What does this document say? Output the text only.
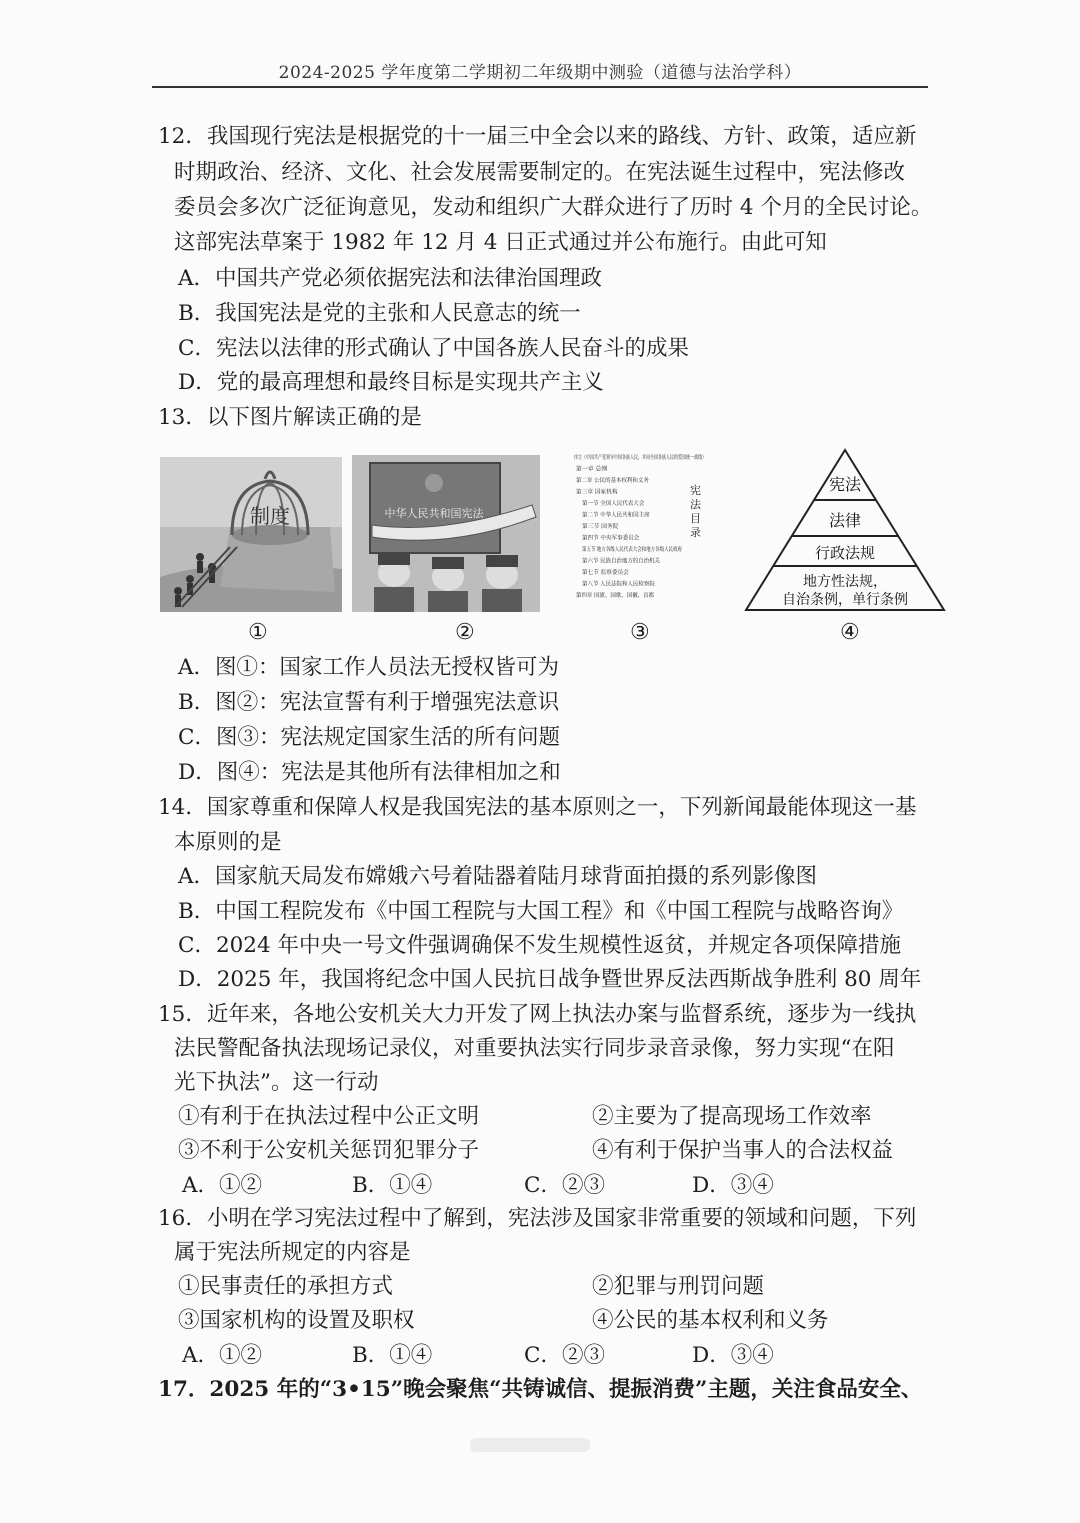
2024-2025 学年度第二学期初二年级期中测验（道德与法治学科）
12．我国现行宪法是根据党的十一届三中全会以来的路线、方针、政策，适应新
时期政治、经济、文化、社会发展需要制定的。在宪法诞生过程中，宪法修改
委员会多次广泛征询意见，发动和组织广大群众进行了历时 4 个月的全民讨论。
这部宪法草案于 1982 年 12 月 4 日正式通过并公布施行。由此可知
A．中国共产党必须依据宪法和法律治国理政
B．我国宪法是党的主张和人民意志的统一
C．宪法以法律的形式确认了中国各族人民奋斗的成果
D．党的最高理想和最终目标是实现共产主义
13．以下图片解读正确的是
制度	中华人民共和国宪法
序言（中国共产党领导中国各族人民，并同全国各族人民的爱国统一战线）
第一章 总纲
第二章 公民的基本权利和义务
第三章 国家机构
第一节 全国人民代表大会
第二节 中华人民共和国主席
第三节 国务院
第四节 中央军事委员会
第五节 地方各级人民代表大会和地方各级人民政府
第六节 民族自治地方的自治机关
第七节 监察委员会
第八节 人民法院和人民检察院
第四章 国旗、国歌、国徽、首都
宪法目录
宪法
法律
行政法规
地方性法规，
自治条例，单行条例
①	②	③	④
A．图①：国家工作人员法无授权皆可为
B．图②：宪法宣誓有利于增强宪法意识
C．图③：宪法规定国家生活的所有问题
D．图④：宪法是其他所有法律相加之和
14．国家尊重和保障人权是我国宪法的基本原则之一，下列新闻最能体现这一基
本原则的是
A．国家航天局发布嫦娥六号着陆器着陆月球背面拍摄的系列影像图
B．中国工程院发布《中国工程院与大国工程》和《中国工程院与战略咨询》
C．2024 年中央一号文件强调确保不发生规模性返贫，并规定各项保障措施
D．2025 年，我国将纪念中国人民抗日战争暨世界反法西斯战争胜利 80 周年
15．近年来，各地公安机关大力开发了网上执法办案与监督系统，逐步为一线执
法民警配备执法现场记录仪，对重要执法实行同步录音录像，努力实现“在阳
光下执法”。这一行动
①有利于在执法过程中公正文明	②主要为了提高现场工作效率
③不利于公安机关惩罚犯罪分子	④有利于保护当事人的合法权益
A．①②	B．①④	C．②③	D．③④
16．小明在学习宪法过程中了解到，宪法涉及国家非常重要的领域和问题，下列
属于宪法所规定的内容是
①民事责任的承担方式	②犯罪与刑罚问题
③国家机构的设置及职权	④公民的基本权利和义务
A．①②	B．①④	C．②③	D．③④
17．2025 年的“3•15”晚会聚焦“共铸诚信、提振消费”主题，关注食品安全、
